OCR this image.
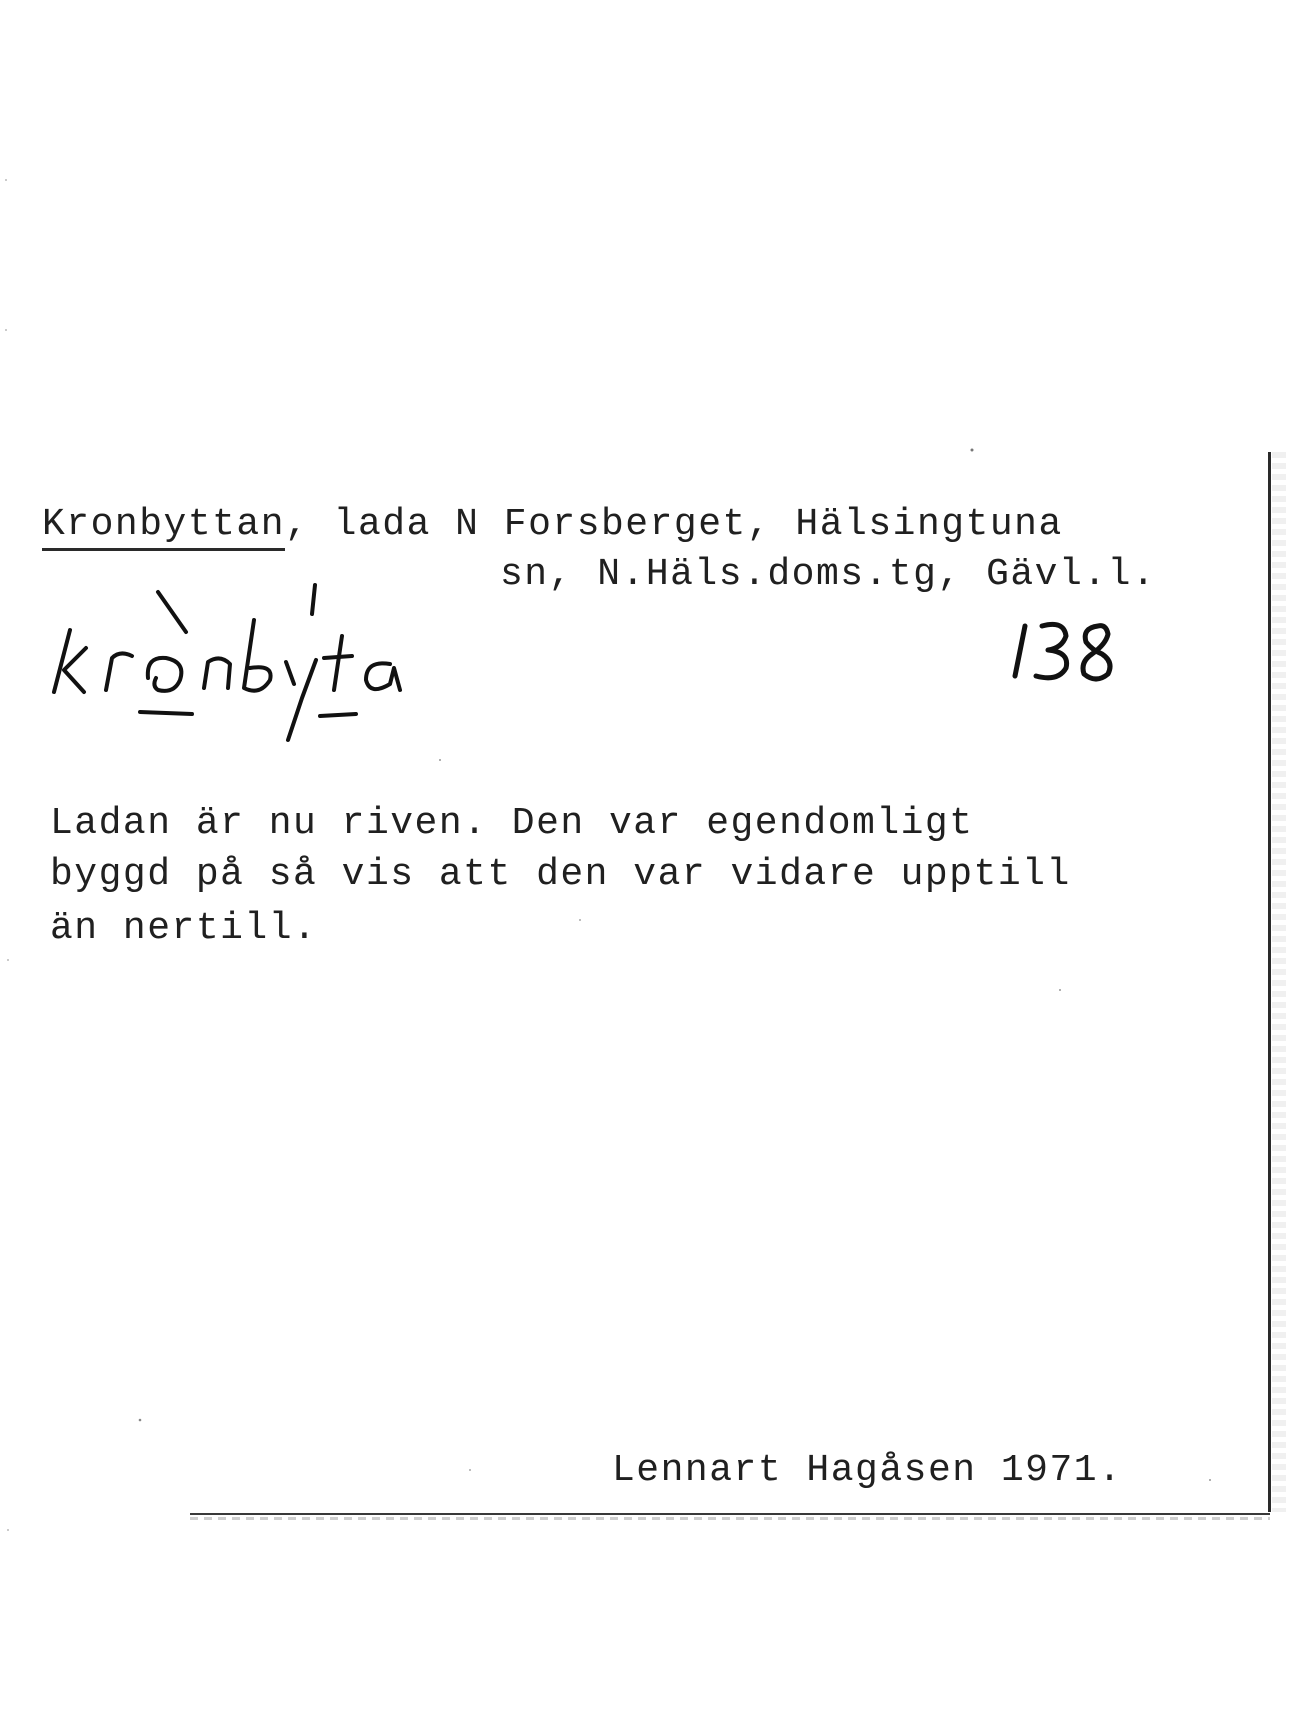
Kronbyttan, lada N Forsberget, Hälsingtuna
sn, N.Häls.doms.tg, Gävl.l.
Ladan är nu riven. Den var egendomligt
byggd på så vis att den var vidare upptill
än nertill.
Lennart Hagåsen 1971.
